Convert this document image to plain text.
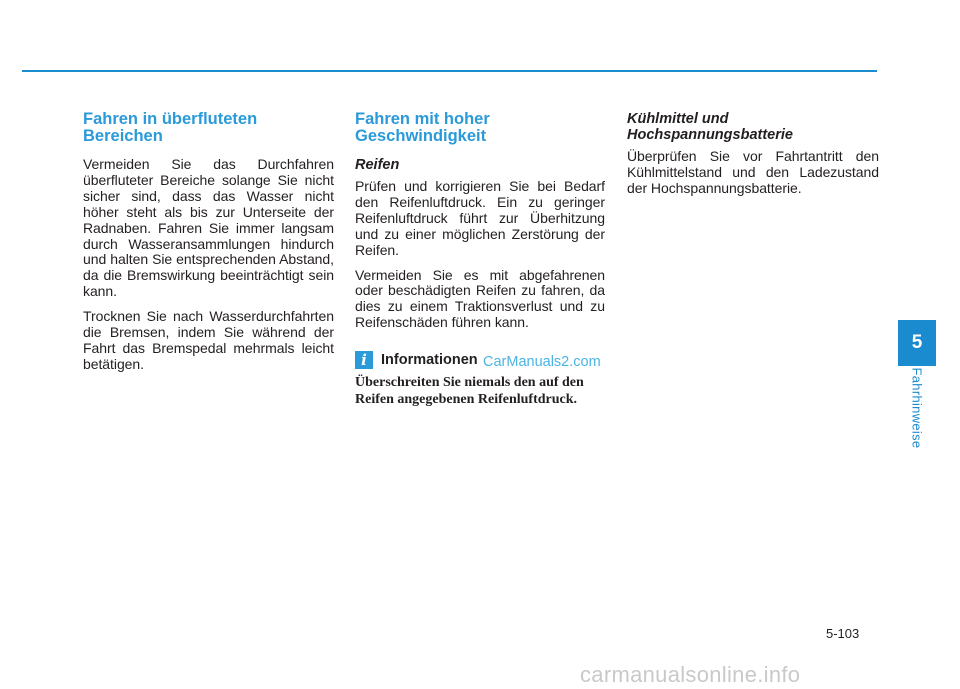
Fahren in überfluteten Bereichen

Vermeiden Sie das Durchfahren überfluteter Bereiche solange Sie nicht sicher sind, dass das Wasser nicht höher steht als bis zur Unterseite der Radnaben. Fahren Sie immer langsam durch Wasseransammlungen hindurch und halten Sie entsprechenden Abstand, da die Bremswirkung beeinträchtigt sein kann.

Trocknen Sie nach Wasserdurchfahrten die Bremsen, indem Sie während der Fahrt das Bremspedal mehrmals leicht betätigen.

Fahren mit hoher Geschwindigkeit
Reifen

Prüfen und korrigieren Sie bei Bedarf den Reifenluftdruck. Ein zu geringer Reifenluftdruck führt zur Überhitzung und zu einer möglichen Zerstörung der Reifen.

Vermeiden Sie es mit abgefahrenen oder beschädigten Reifen zu fahren, da dies zu einem Traktionsverlust und zu Reifenschäden führen kann.

i Informationen CarManuals2.com
Überschreiten Sie niemals den auf den Reifen angegebenen Reifenluftdruck.
Kühlmittel und Hochspannungsbatterie

Überprüfen Sie vor Fahrtantritt den Kühlmittelstand und den Ladezustand der Hochspannungsbatterie.

5
Fahrhinweise
5-103
carmanualsonline.info
